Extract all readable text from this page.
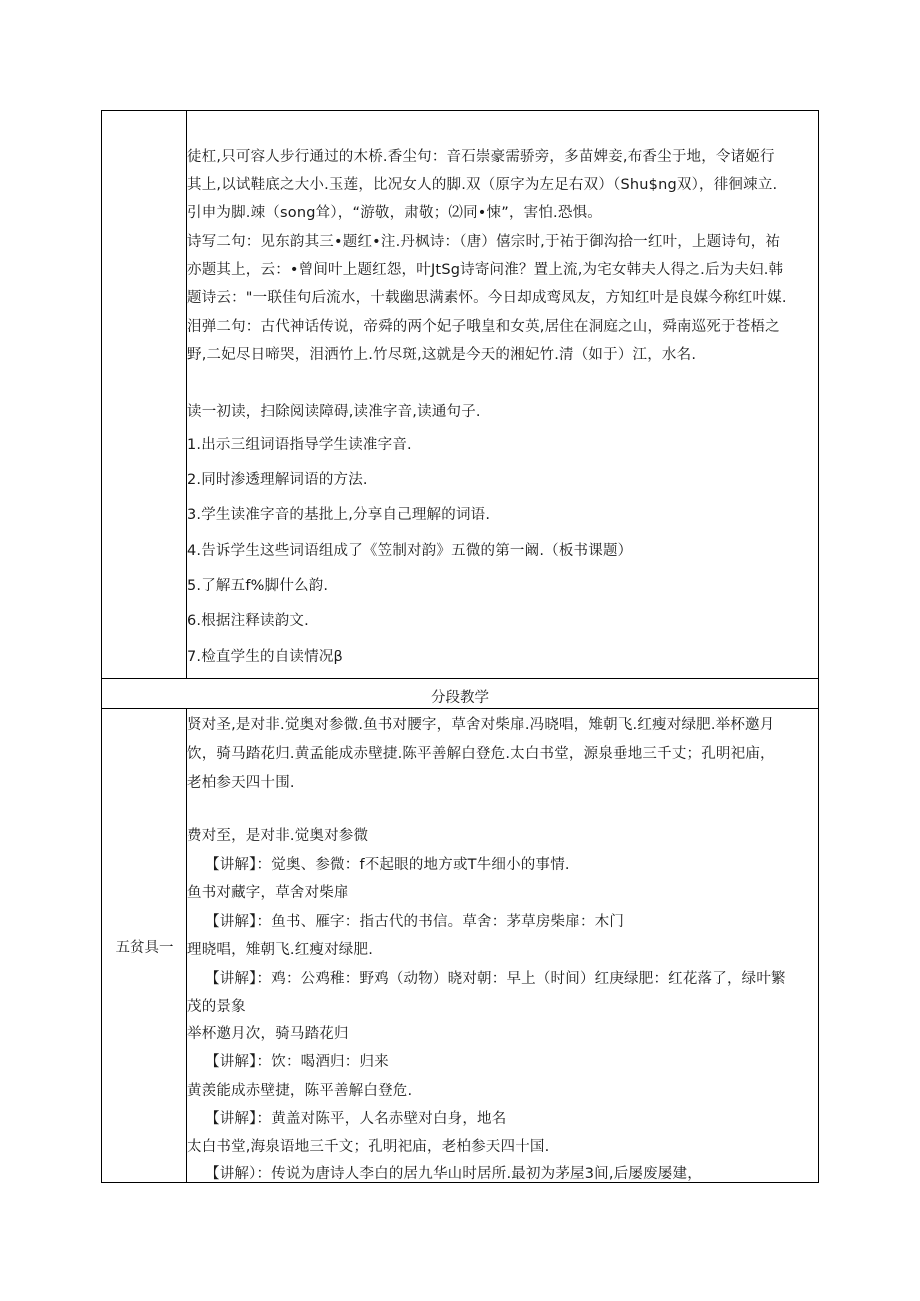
徒杠,只可容人步行通过的木桥.香尘句：音石崇豪需骄旁，多苗婢妾,布香尘于地，令诸姬行
其上,以试鞋底之大小.玉莲，比况女人的脚.双（原字为左足右双）（Shu$ng双），徘徊竦立.
引申为脚.竦（song耸），“游敬，肃敬；⑵同•悚”，害怕.恐惧。
诗写二句：见东韵其三•题红•注.丹枫诗：（唐）僖宗时,于祐于御沟拾一红叶，上题诗句，祐
亦题其上，云：•曾间叶上题红怨，叶JtSg诗寄问淮？置上流,为宅女韩夫人得之.后为夫妇.韩
题诗云："一联佳句后流水，十载幽思满素怀。今日却成鸾凤友，方知红叶是良媒今称红叶媒.
泪弹二句：古代神话传说，帝舜的两个妃子哦皇和女英,居住在洞庭之山，舜南巡死于苍梧之
野,二妃尽日啼哭，泪洒竹上.竹尽斑,这就是今天的湘妃竹.清（如于）江，水名.
读一初读，扫除阅读障碍,读准字音,读通句子.
1.出示三组词语指导学生读准字音.
2.同时渗透理解词语的方法.
3.学生读准字音的基批上,分享自己理解的词语.
4.告诉学生这些词语组成了《笠制对韵》五微的第一阚.（板书课题）
5.了解五f%脚什么韵.
6.根据注释读韵文.
7.检直学生的自读情况β
分段教学
五贫具一
贤对圣,是对非.觉奥对参微.鱼书对腰字，草舍对柴扉.冯晓唱，雉朝飞.红瘦对绿肥.举杯邀月
饮，骑马踏花归.黄孟能成赤壁捷.陈平善解白登危.太白书堂，源泉垂地三千丈；孔明祀庙，
老柏参天四十围.
费对至，是对非.觉奥对参微
【讲解】：觉奥、参微：f不起眼的地方或T牛细小的事情.
鱼书对藏字，草舍对柴扉
【讲解】：鱼书、雁字：指古代的书信。草舍：茅草房柴扉：木门
理晓唱，雉朝飞.红瘦对绿肥.
【讲解】：鸡：公鸡稚：野鸡（动物）晓对朝：早上（时间）红庚绿肥：红花落了，绿叶繁
茂的景象
举杯邀月次，骑马踏花归
【讲解】：饮：喝酒归：归来
黄羡能成赤壁捷，陈平善解白登危.
【讲解】：黄盖对陈平，人名赤壁对白身，地名
太白书堂,海泉语地三千文；孔明祀庙，老柏参天四十国.
【讲解）：传说为唐诗人李白的居九华山时居所.最初为茅屋3间,后屡废屡建，
